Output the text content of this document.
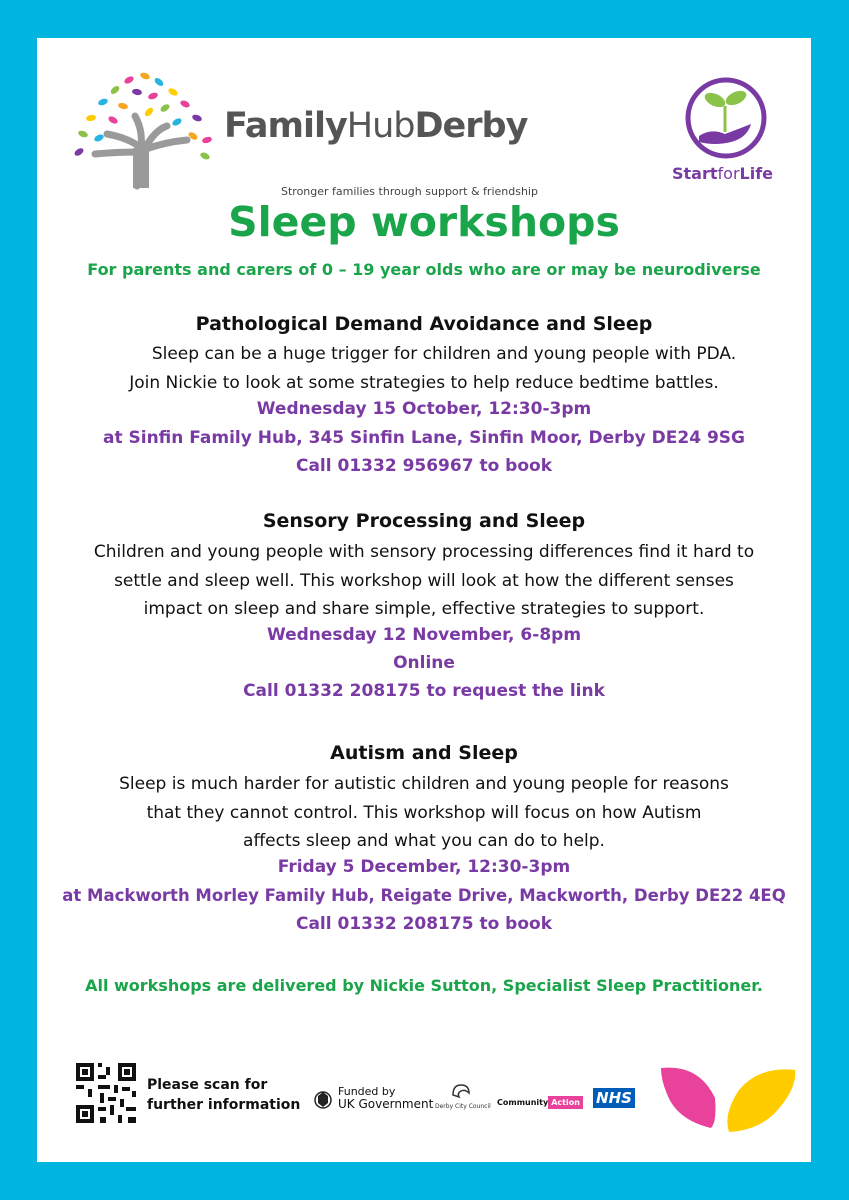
FamilyHubDerby
Stronger families through support & friendship
StartforLife
Sleep workshops
For parents and carers of 0 – 19 year olds who are or may be neurodiverse
Pathological Demand Avoidance and Sleep
Sleep can be a huge trigger for children and young people with PDA.
Join Nickie to look at some strategies to help reduce bedtime battles.
Wednesday 15 October, 12:30-3pm
at Sinfin Family Hub, 345 Sinfin Lane, Sinfin Moor, Derby DE24 9SG
Call 01332 956967 to book
Sensory Processing and Sleep
Children and young people with sensory processing differences find it hard to
settle and sleep well. This workshop will look at how the different senses
impact on sleep and share simple, effective strategies to support.
Wednesday 12 November, 6-8pm
Online
Call 01332 208175 to request the link
Autism and Sleep
Sleep is much harder for autistic children and young people for reasons
that they cannot control. This workshop will focus on how Autism
affects sleep and what you can do to help.
Friday 5 December, 12:30-3pm
at Mackworth Morley Family Hub, Reigate Drive, Mackworth, Derby DE22 4EQ
Call 01332 208175 to book
All workshops are delivered by Nickie Sutton, Specialist Sleep Practitioner.
Please scan for
further information
Funded by
UK Government Derby City Council Community Action NHS
